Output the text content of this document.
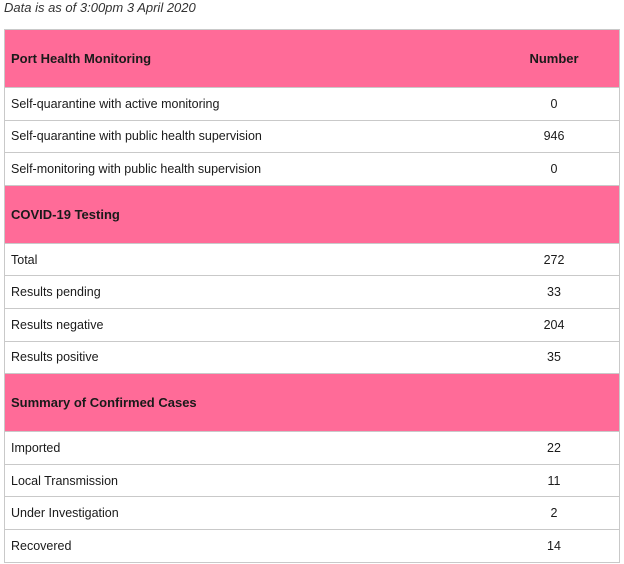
Data is as of 3:00pm 3 April 2020
Port Health Monitoring	Number
Self-quarantine with active monitoring	0
Self-quarantine with public health supervision	946
Self-monitoring with public health supervision	0
COVID-19 Testing
Total	272
Results pending	33
Results negative	204
Results positive	35
Summary of Confirmed Cases
Imported	22
Local Transmission	11
Under Investigation	2
Recovered	14
